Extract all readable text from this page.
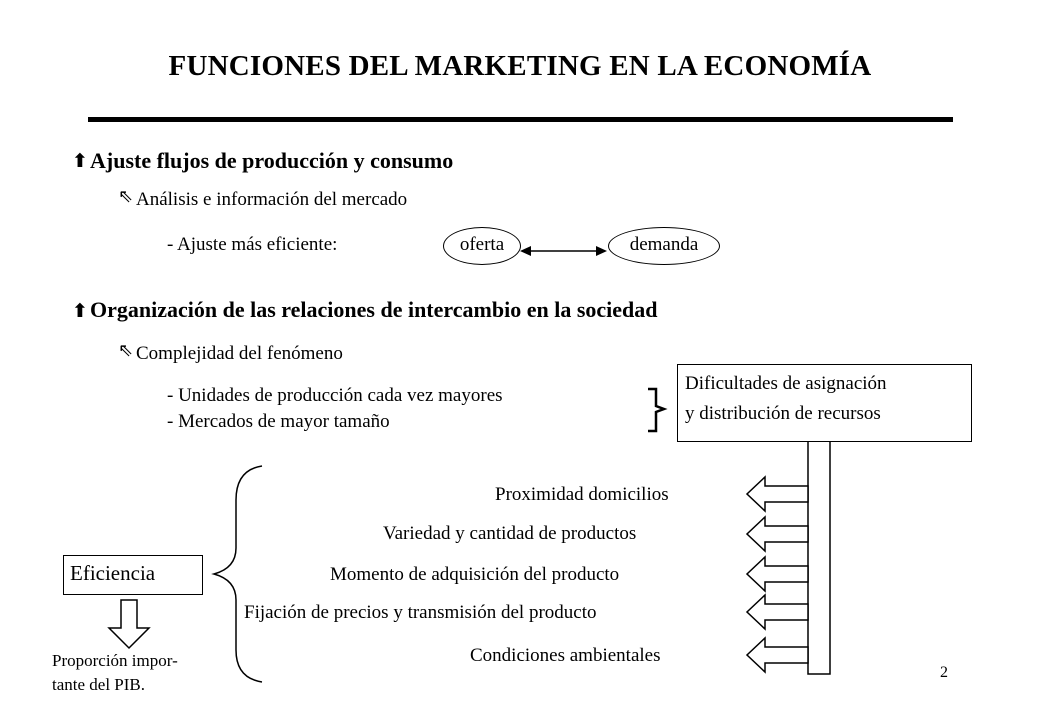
FUNCIONES DEL MARKETING EN LA ECONOMÍA
⬆ Ajuste flujos de producción y consumo
⇖ Análisis e información del mercado
- Ajuste más eficiente:	oferta	demanda
⬆ Organización de las relaciones de intercambio en la sociedad
⇖ Complejidad del fenómeno
- Unidades de producción cada vez mayores
- Mercados de mayor tamaño
Dificultades de asignación
y distribución de recursos
Proximidad domicilios
Variedad y cantidad de productos
Momento de adquisición del producto
Fijación de precios y transmisión del producto
Condiciones ambientales
Eficiencia
Proporción impor-
tante del PIB.
2
